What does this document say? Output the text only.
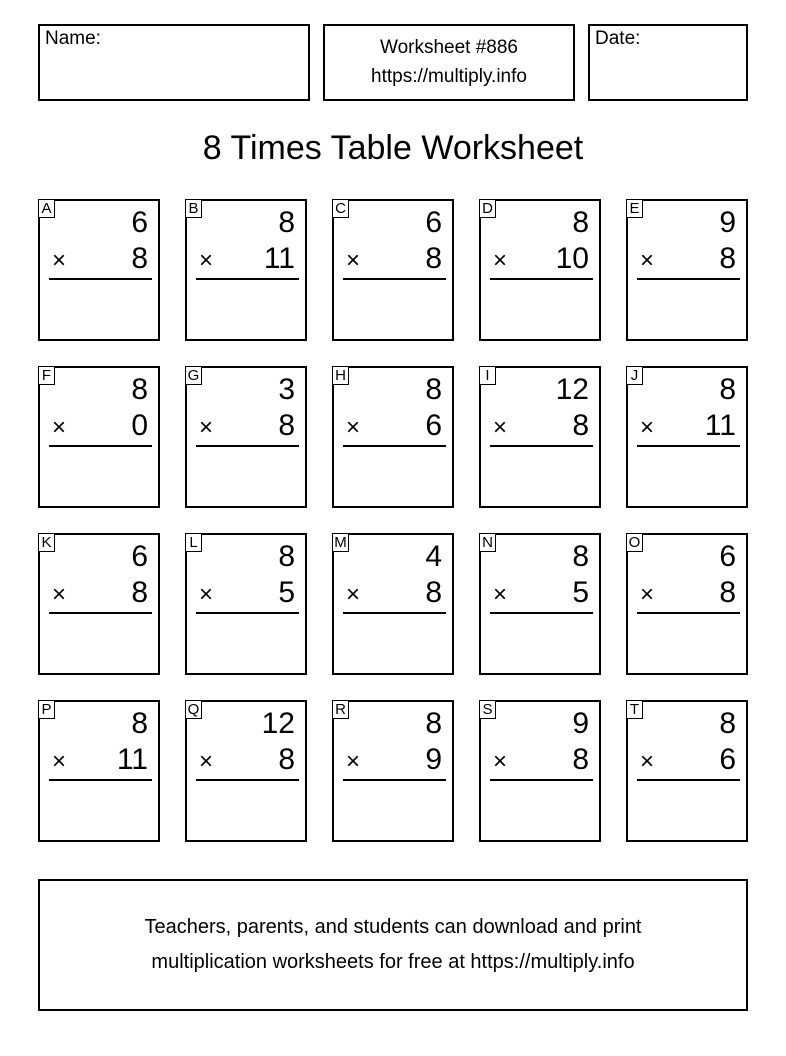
Name:	Worksheet #886
https://multiply.info
Date:
8 Times Table Worksheet
A	6
× 8
B	8
× 11
C	6
× 8
D	8
× 10
E	9
× 8
F	8
× 0
G	3
× 8
H	8
× 6
I 12
× 8
J	8
× 11
K	6
× 8
L	8
× 5
M	4
× 8
N	8
× 5
O	6
× 8
P	8
× 11
Q 12
× 8
R	8
× 9
S	9
× 8
T	8
× 6
Teachers, parents, and students can download and print
multiplication worksheets for free at https://multiply.info
